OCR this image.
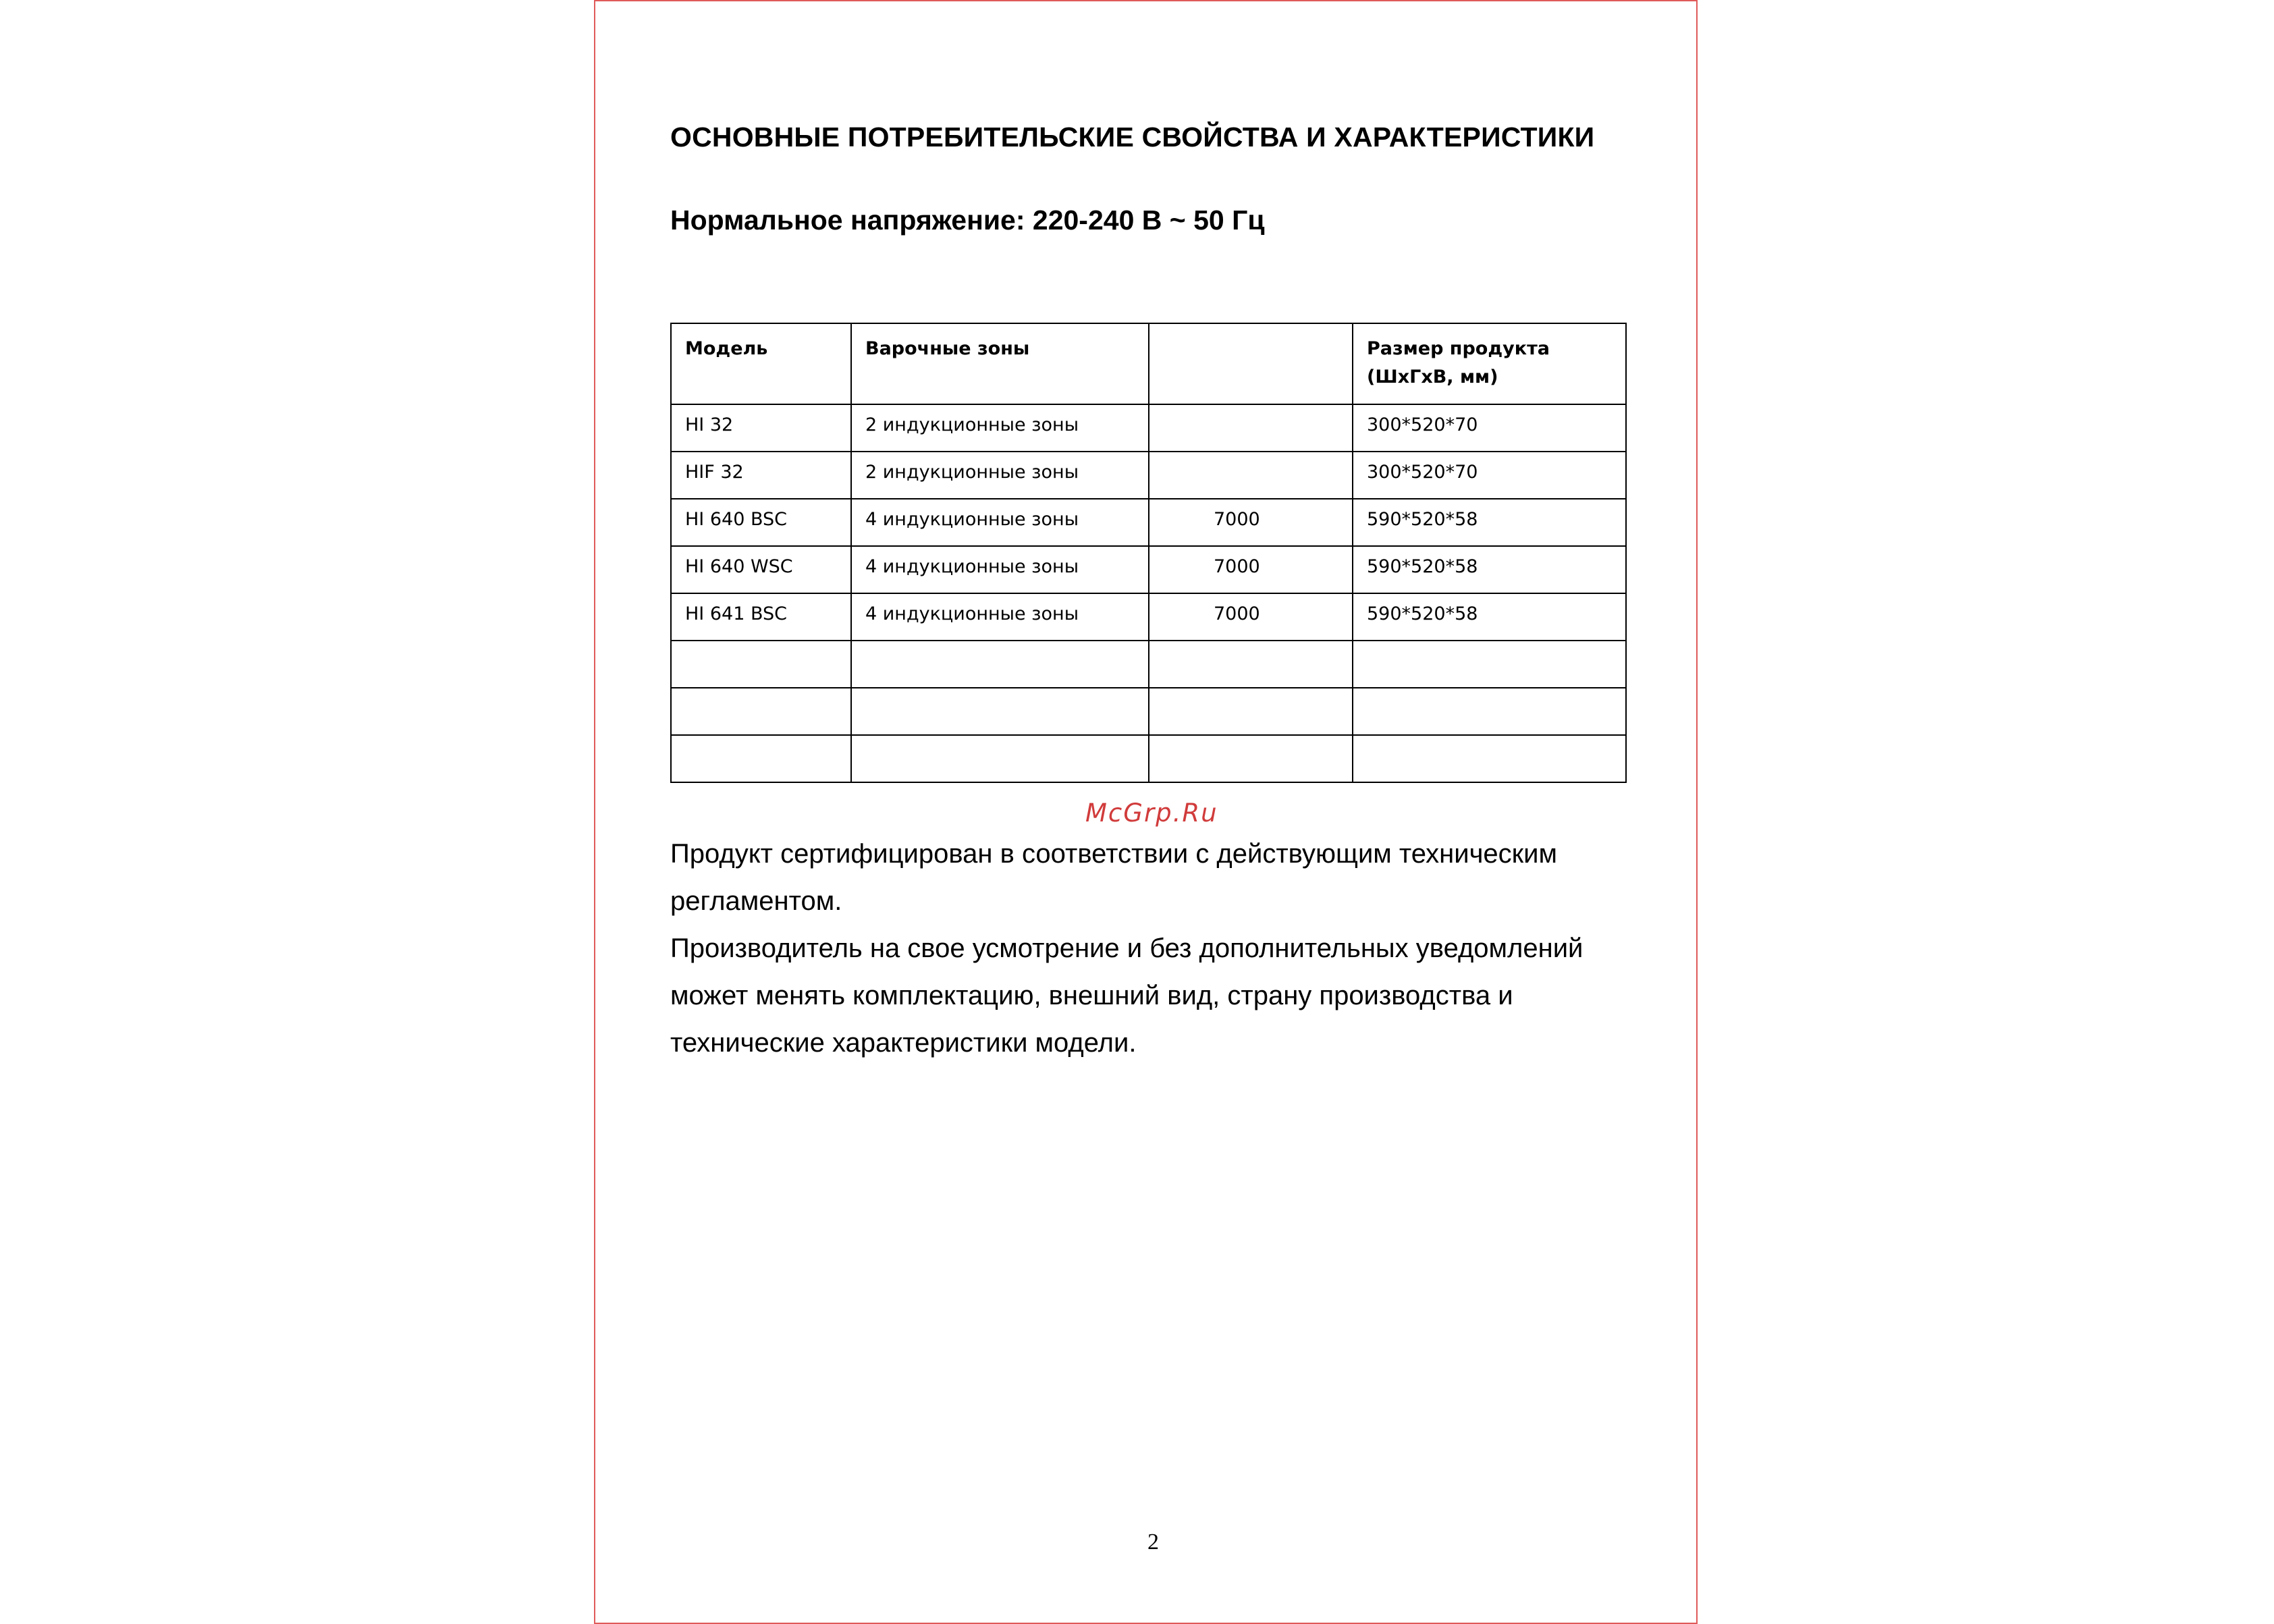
ОСНОВНЫЕ ПОТРЕБИТЕЛЬСКИЕ СВОЙСТВА И ХАРАКТЕРИСТИКИ
Нормальное напряжение: 220-240 В ~ 50 Гц
Модель	Варочные зоны		Размер продукта
(ШхГхВ, мм)

HI 32	2 индукционные зоны		300*520*70
HIF 32	2 индукционные зоны		300*520*70
HI 640 BSC	4 индукционные зоны	7000	590*520*58
HI 640 WSC	4 индукционные зоны	7000	590*520*58
HI 641 BSC	4 индукционные зоны	7000	590*520*58

McGrp.Ru

Продукт сертифицирован в соответствии с действующим техническим

регламентом.

Производитель на свое усмотрение и без дополнительных уведомлений

может менять комплектацию, внешний вид, страну производства и

технические характеристики модели.

2
